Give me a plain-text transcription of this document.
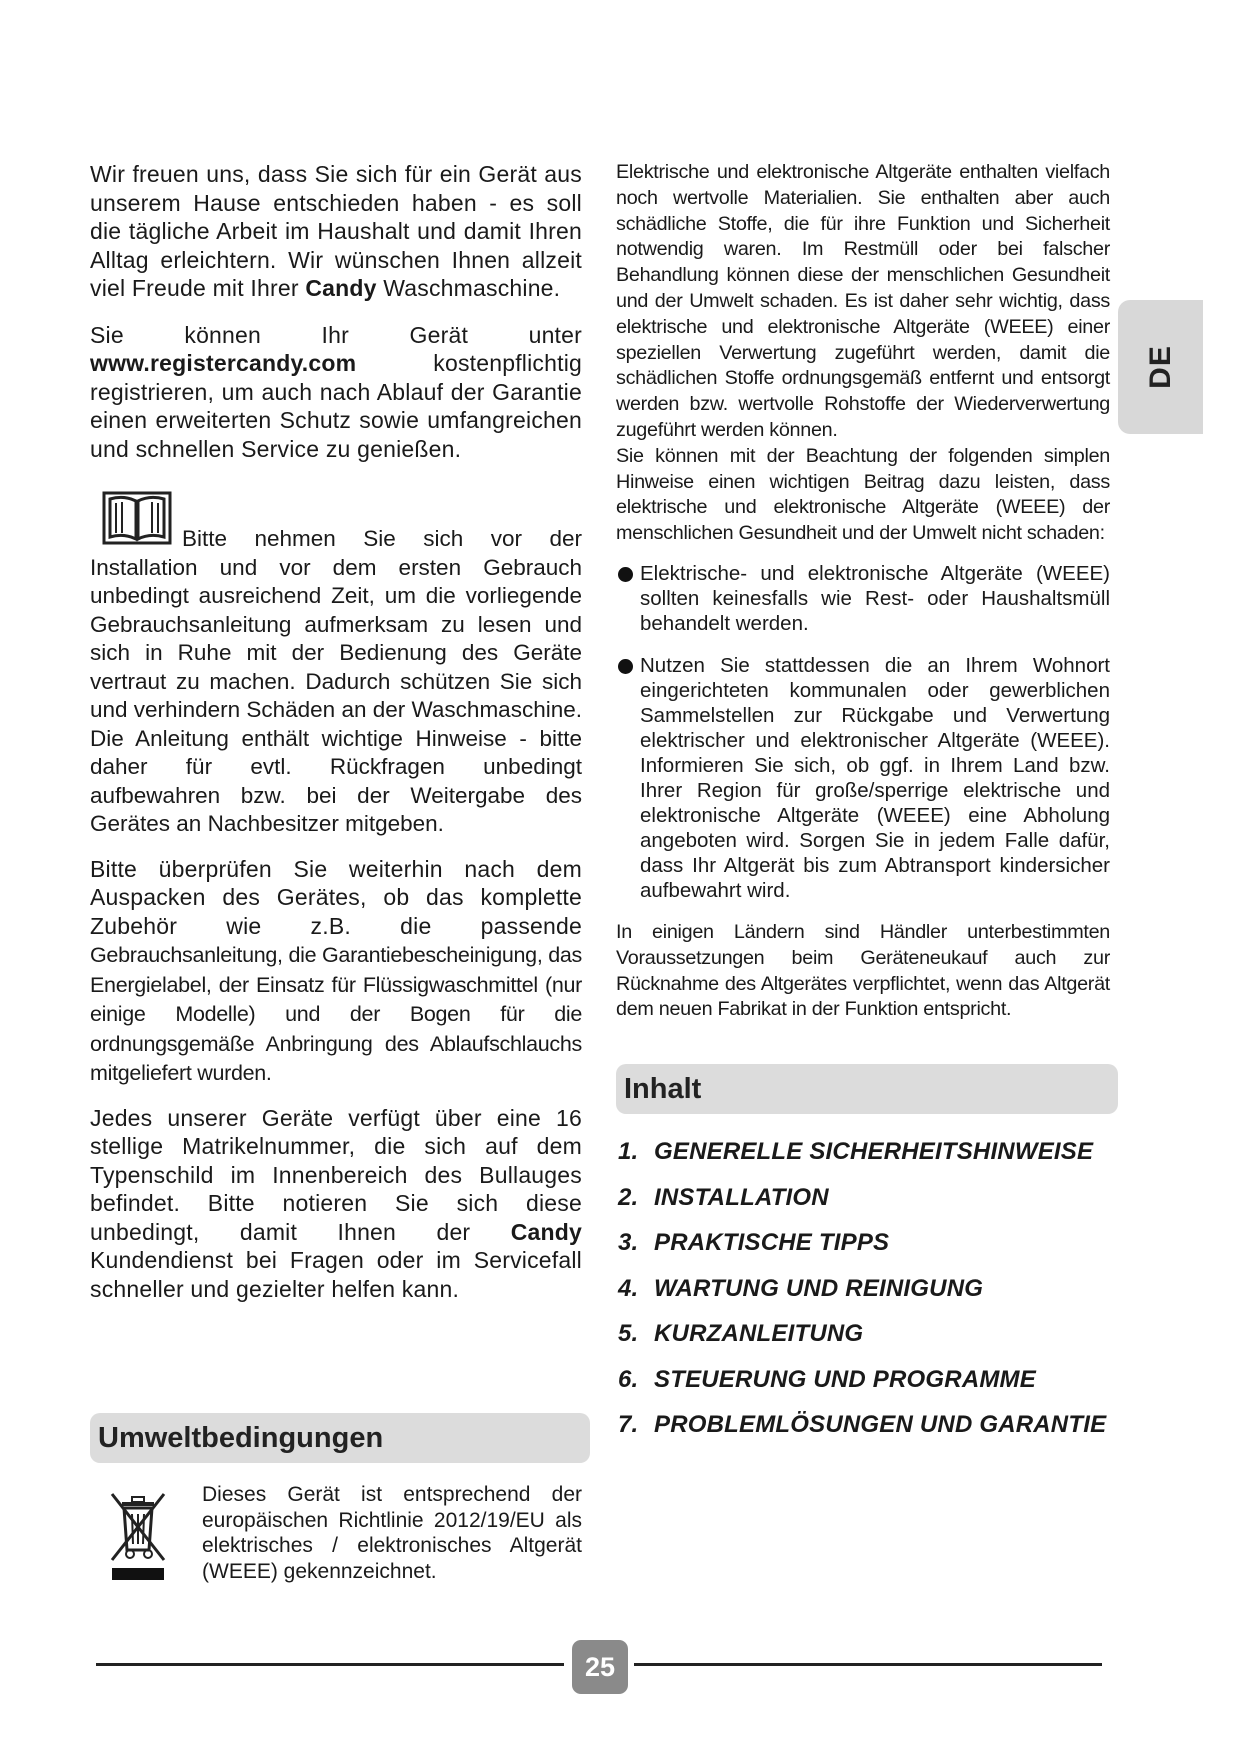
Wir freuen uns, dass Sie sich für ein Gerät aus unserem Hause entschieden haben - es soll die tägliche Arbeit im Haushalt und damit Ihren Alltag erleichtern. Wir wünschen Ihnen allzeit viel Freude mit Ihrer Candy Waschmaschine.

Sie können Ihr Gerät unter www.registercandy.com kostenpflichtig registrieren, um auch nach Ablauf der Garantie einen erweiterten Schutz sowie umfangreichen und schnellen Service zu genießen.

Bitte nehmen Sie sich vor der Installation und vor dem ersten Gebrauch unbedingt ausreichend Zeit, um die vorliegende Gebrauchsanleitung aufmerksam zu lesen und sich in Ruhe mit der Bedienung des Geräte vertraut zu machen. Dadurch schützen Sie sich und verhindern Schäden an der Waschmaschine. Die Anleitung enthält wichtige Hinweise - bitte daher für evtl. Rückfragen unbedingt aufbewahren bzw. bei der Weitergabe des Gerätes an Nachbesitzer mitgeben.

Bitte überprüfen Sie weiterhin nach dem Auspacken des Gerätes, ob das komplette Zubehör wie z.B. die passende Gebrauchsanleitung, die Garantiebescheinigung, das Energielabel, der Einsatz für Flüssigwaschmittel (nur einige Modelle) und der Bogen für die ordnungsgemäße Anbringung des Ablaufschlauchs mitgeliefert wurden.

Jedes unserer Geräte verfügt über eine 16 stellige Matrikelnummer, die sich auf dem Typenschild im Innenbereich des Bullauges befindet. Bitte notieren Sie sich diese unbedingt, damit Ihnen der Candy Kundendienst bei Fragen oder im Servicefall schneller und gezielter helfen kann.

Umweltbedingungen

Dieses Gerät ist entsprechend der europäischen Richtlinie 2012/19/EU als elektrisches / elektronisches Altgerät (WEEE) gekennzeichnet.

Elektrische und elektronische Altgeräte enthalten vielfach noch wertvolle Materialien. Sie enthalten aber auch schädliche Stoffe, die für ihre Funktion und Sicherheit notwendig waren. Im Restmüll oder bei falscher Behandlung können diese der menschlichen Gesundheit und der Umwelt schaden. Es ist daher sehr wichtig, dass elektrische und elektronische Altgeräte (WEEE) einer speziellen Verwertung zugeführt werden, damit die schädlichen Stoffe ordnungsgemäß entfernt und entsorgt werden bzw. wertvolle Rohstoffe der Wiederverwertung zugeführt werden können.

Sie können mit der Beachtung der folgenden simplen Hinweise einen wichtigen Beitrag dazu leisten, dass elektrische und elektronische Altgeräte (WEEE) der menschlichen Gesundheit und der Umwelt nicht schaden:

Elektrische- und elektronische Altgeräte (WEEE) sollten keinesfalls wie Rest- oder Haushaltsmüll behandelt werden.
Nutzen Sie stattdessen die an Ihrem Wohnort eingerichteten kommunalen oder gewerblichen Sammelstellen zur Rückgabe und Verwertung elektrischer und elektronischer Altgeräte (WEEE). Informieren Sie sich, ob ggf. in Ihrem Land bzw. Ihrer Region für große/sperrige elektrische und elektronische Altgeräte (WEEE) eine Abholung angeboten wird. Sorgen Sie in jedem Falle dafür, dass Ihr Altgerät bis zum Abtransport kindersicher aufbewahrt wird.

In einigen Ländern sind Händler unterbestimmten Voraussetzungen beim Geräteneukauf auch zur Rücknahme des Altgerätes verpflichtet, wenn das Altgerät dem neuen Fabrikat in der Funktion entspricht.

Inhalt
1. GENERELLE SICHERHEITSHINWEISE
2. INSTALLATION
3. PRAKTISCHE TIPPS
4. WARTUNG UND REINIGUNG
5. KURZANLEITUNG
6. STEUERUNG UND PROGRAMME
7. PROBLEMLÖSUNGEN UND GARANTIE
DE
25
